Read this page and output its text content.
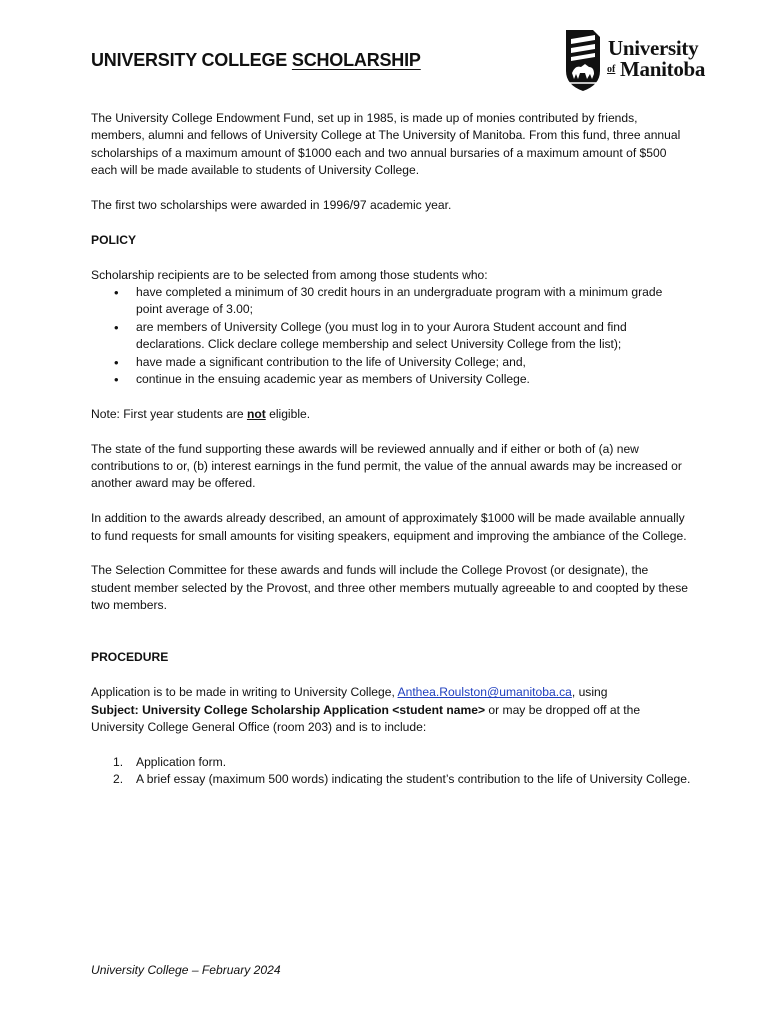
UNIVERSITY COLLEGE SCHOLARSHIP	University
of Manitoba

The University College Endowment Fund, set up in 1985, is made up of monies contributed by friends, members, alumni and fellows of University College at The University of Manitoba. From this fund, three annual scholarships of a maximum amount of $1000 each and two annual bursaries of a maximum amount of $500 each will be made available to students of University College.

The first two scholarships were awarded in 1996/97 academic year.

POLICY

Scholarship recipients are to be selected from among those students who:

• have completed a minimum of 30 credit hours in an undergraduate program with a minimum grade point average of 3.00;
• are members of University College (you must log in to your Aurora Student account and find declarations. Click declare college membership and select University College from the list);
• have made a significant contribution to the life of University College; and,
• continue in the ensuing academic year as members of University College.

Note: First year students are not eligible.

The state of the fund supporting these awards will be reviewed annually and if either or both of (a) new contributions to or, (b) interest earnings in the fund permit, the value of the annual awards may be increased or another award may be offered.

In addition to the awards already described, an amount of approximately $1000 will be made available annually to fund requests for small amounts for visiting speakers, equipment and improving the ambiance of the College.

The Selection Committee for these awards and funds will include the College Provost (or designate), the student member selected by the Provost, and three other members mutually agreeable to and coopted by these two members.

PROCEDURE

Application is to be made in writing to University College, Anthea.Roulston@umanitoba.ca, using
Subject: University College Scholarship Application <student name> or may be dropped off at the University College General Office (room 203) and is to include:

1. Application form.
2. A brief essay (maximum 500 words) indicating the student’s contribution to the life of University College.
University College – February 2024
